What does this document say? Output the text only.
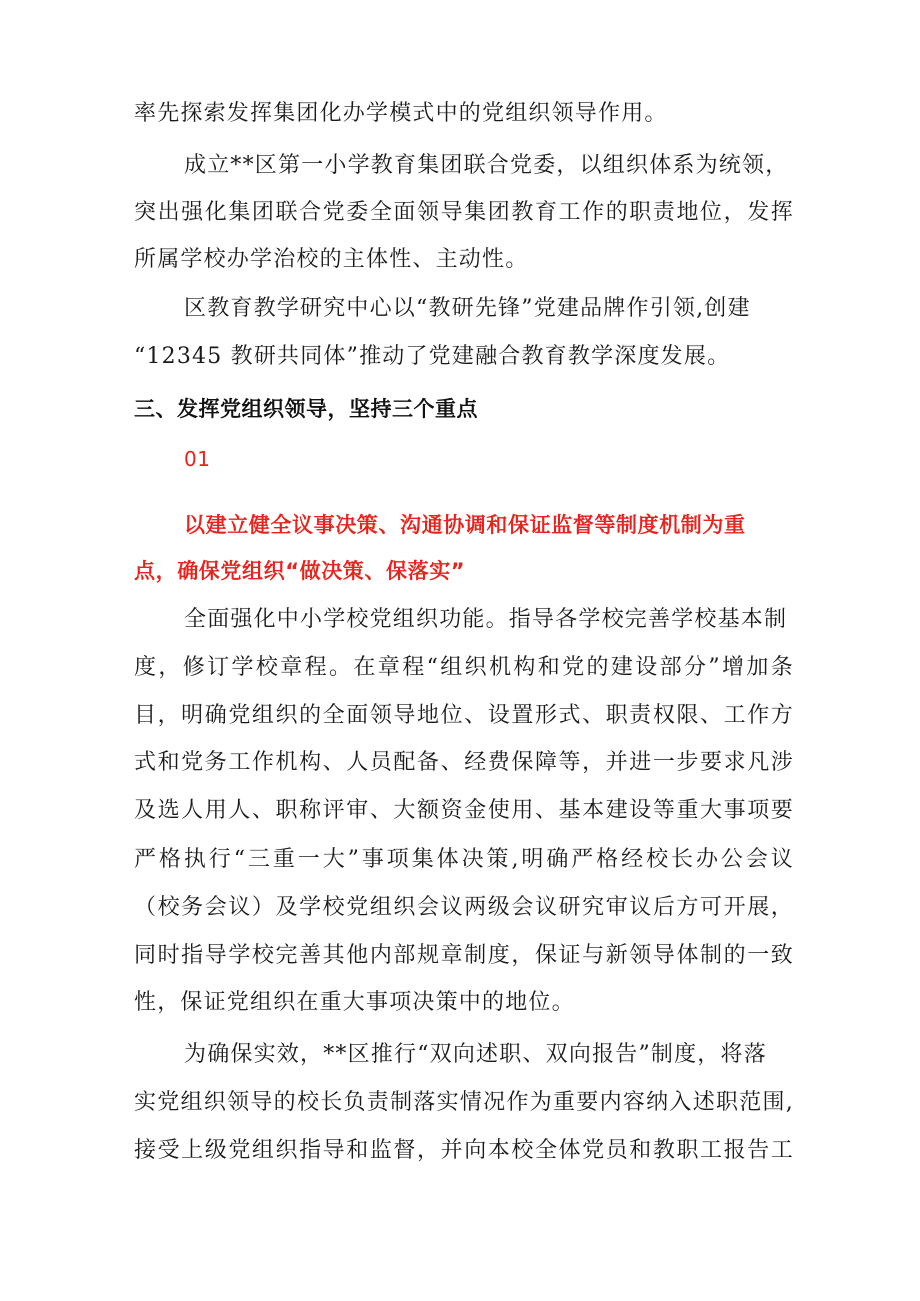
率先探索发挥集团化办学模式中的党组织领导作用。
成立**区第一小学教育集团联合党委，以组织体系为统领，
突出强化集团联合党委全面领导集团教育工作的职责地位，发挥
所属学校办学治校的主体性、主动性。
区教育教学研究中心以“教研先锋”党建品牌作引领,创建
“12345 教研共同体”推动了党建融合教育教学深度发展。
三、发挥党组织领导，坚持三个重点
01
以建立健全议事决策、沟通协调和保证监督等制度机制为重
点，确保党组织“做决策、保落实”
全面强化中小学校党组织功能。指导各学校完善学校基本制
度，修订学校章程。在章程“组织机构和党的建设部分”增加条
目，明确党组织的全面领导地位、设置形式、职责权限、工作方
式和党务工作机构、人员配备、经费保障等，并进一步要求凡涉
及选人用人、职称评审、大额资金使用、基本建设等重大事项要
严格执行“三重一大”事项集体决策,明确严格经校长办公会议
（校务会议）及学校党组织会议两级会议研究审议后方可开展，
同时指导学校完善其他内部规章制度，保证与新领导体制的一致
性，保证党组织在重大事项决策中的地位。
为确保实效，**区推行“双向述职、双向报告”制度，将落
实党组织领导的校长负责制落实情况作为重要内容纳入述职范围,
接受上级党组织指导和监督，并向本校全体党员和教职工报告工
